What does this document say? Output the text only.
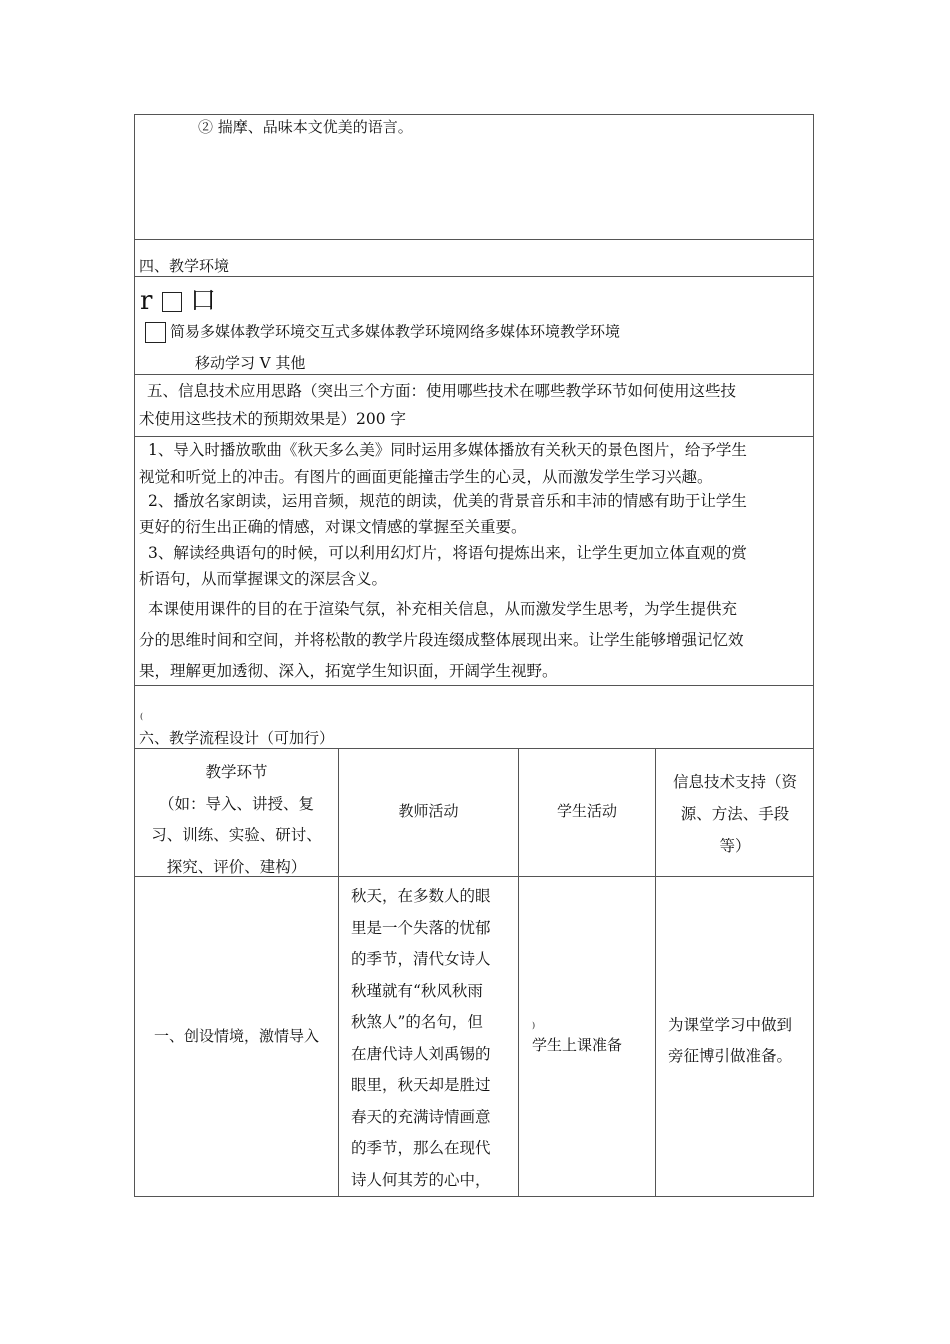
② 揣摩、品味本文优美的语言。
四、教学环境
r 口
简易多媒体教学环境交互式多媒体教学环境网络多媒体环境教学环境
移动学习 V 其他
五、信息技术应用思路（突出三个方面：使用哪些技术在哪些教学环节如何使用这些技
术使用这些技术的预期效果是）200 字
1、导入时播放歌曲《秋天多么美》同时运用多媒体播放有关秋天的景色图片，给予学生
视觉和听觉上的冲击。有图片的画面更能撞击学生的心灵，从而激发学生学习兴趣。
2、播放名家朗读，运用音频，规范的朗读，优美的背景音乐和丰沛的情感有助于让学生
更好的衍生出正确的情感，对课文情感的掌握至关重要。
3、解读经典语句的时候，可以利用幻灯片，将语句提炼出来，让学生更加立体直观的赏
析语句，从而掌握课文的深层含义。
本课使用课件的目的在于渲染气氛，补充相关信息，从而激发学生思考，为学生提供充
分的思维时间和空间，并将松散的教学片段连缀成整体展现出来。让学生能够增强记忆效
果，理解更加透彻、深入，拓宽学生知识面，开阔学生视野。
(
六、教学流程设计（可加行）
教学环节
（如：导入、讲授、复
习、训练、实验、研讨、
探究、评价、建构）
教师活动	学生活动
信息技术支持（资
源、方法、手段
等）
一、创设情境，激情导入
秋天，在多数人的眼
里是一个失落的忧郁
的季节，清代女诗人
秋瑾就有“秋风秋雨
秋煞人”的名句，但
在唐代诗人刘禹锡的
眼里，秋天却是胜过
春天的充满诗情画意
的季节，那么在现代
诗人何其芳的心中，
)
学生上课准备
为课堂学习中做到
旁征博引做准备。
